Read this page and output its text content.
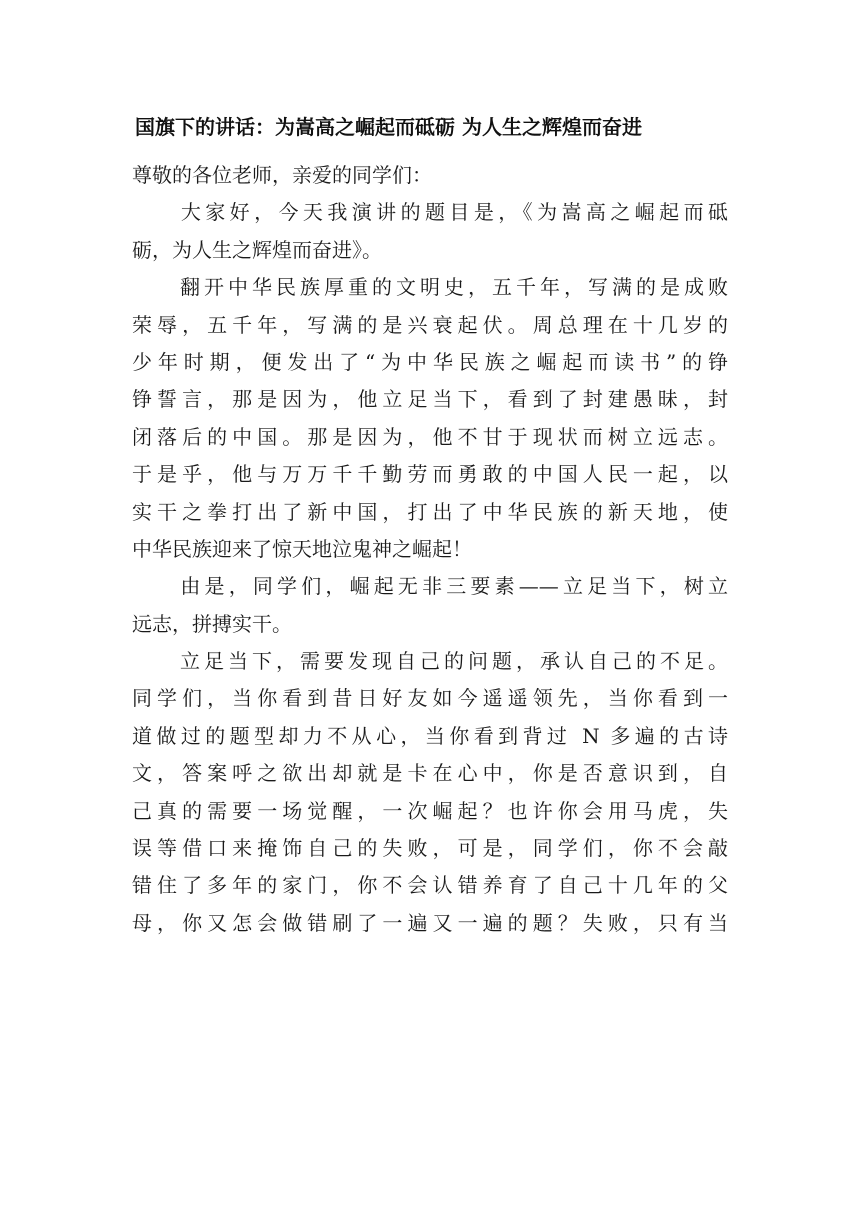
国旗下的讲话：为嵩高之崛起而砥砺 为人生之辉煌而奋进
尊敬的各位老师，亲爱的同学们：
　　大家好，今天我演讲的题目是，《为嵩高之崛起而砥
砺，为人生之辉煌而奋进》。
　　翻开中华民族厚重的文明史，五千年，写满的是成败
荣辱，五千年，写满的是兴衰起伏。周总理在十几岁的
少年时期，便发出了“为中华民族之崛起而读书”的铮
铮誓言，那是因为，他立足当下，看到了封建愚昧，封
闭落后的中国。那是因为，他不甘于现状而树立远志。
于是乎，他与万万千千勤劳而勇敢的中国人民一起，以
实干之拳打出了新中国，打出了中华民族的新天地，使
中华民族迎来了惊天地泣鬼神之崛起！
　　由是，同学们，崛起无非三要素——立足当下，树立
远志，拼搏实干。
　　立足当下，需要发现自己的问题，承认自己的不足。
同学们，当你看到昔日好友如今遥遥领先，当你看到一
道做过的题型却力不从心，当你看到背过 N 多遍的古诗
文，答案呼之欲出却就是卡在心中，你是否意识到，自
己真的需要一场觉醒，一次崛起？也许你会用马虎，失
误等借口来掩饰自己的失败，可是，同学们，你不会敲
错住了多年的家门，你不会认错养育了自己十几年的父
母，你又怎会做错刷了一遍又一遍的题？失败，只有当
